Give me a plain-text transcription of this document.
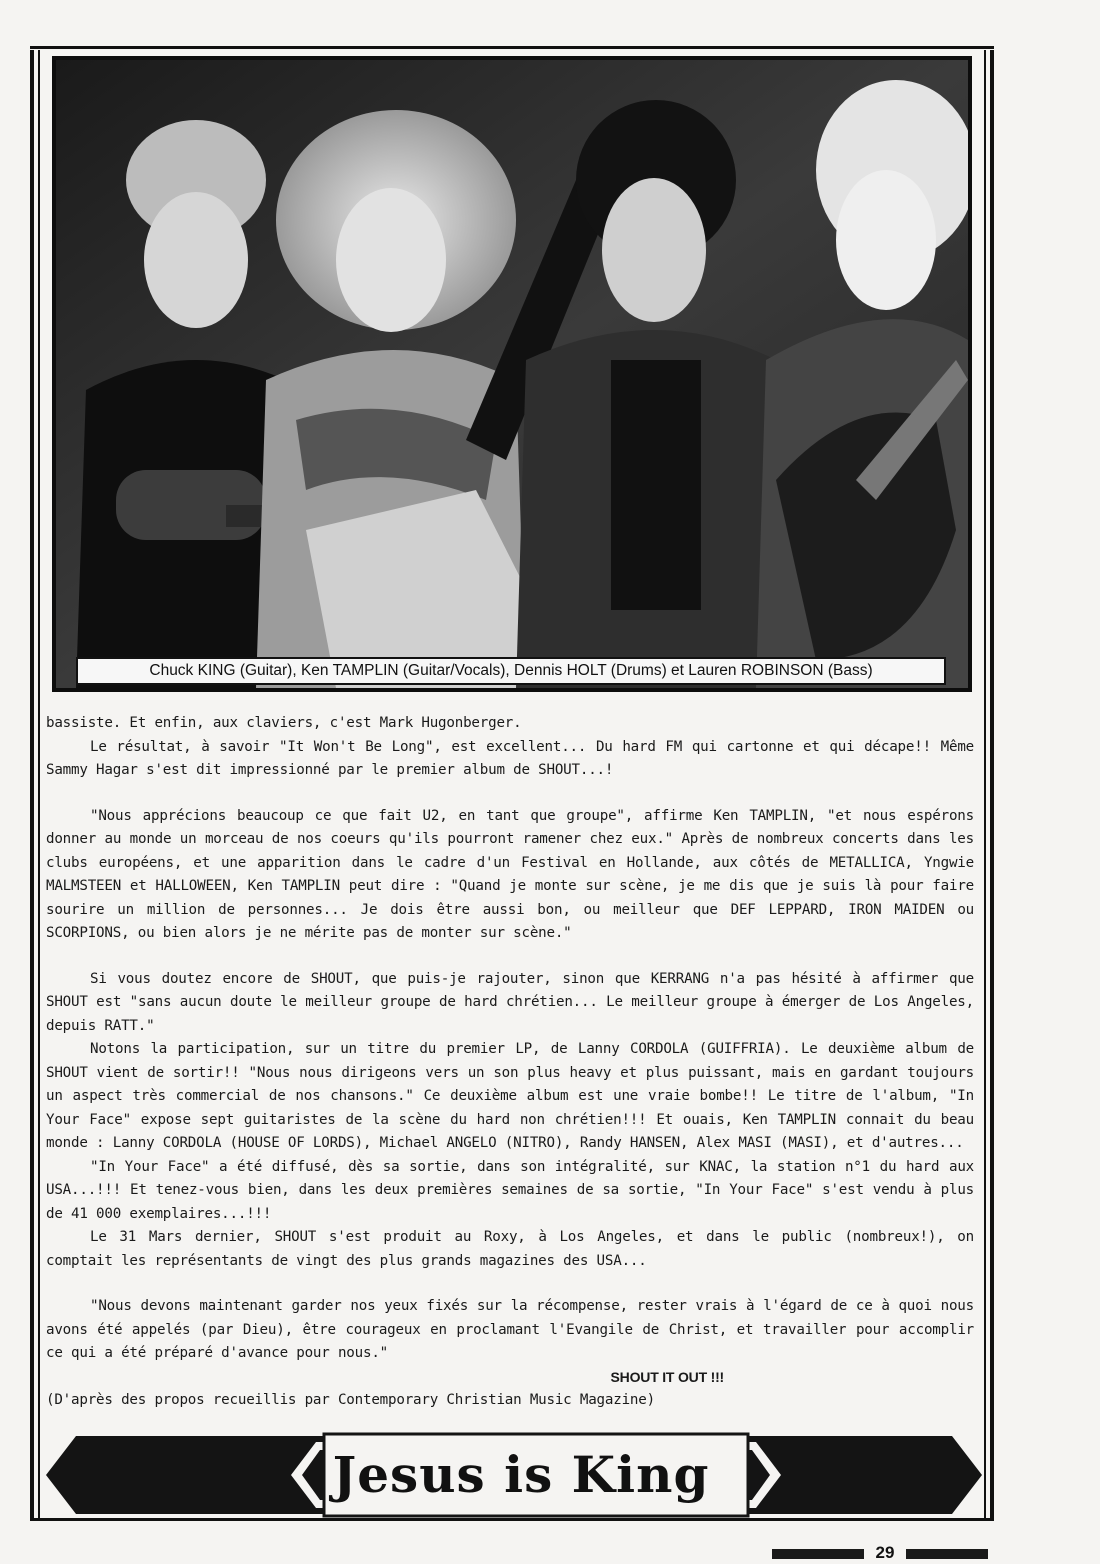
Chuck KING (Guitar), Ken TAMPLIN (Guitar/Vocals), Dennis HOLT (Drums) et Lauren ROBINSON (Bass)

bassiste. Et enfin, aux claviers, c'est Mark Hugonberger.

Le résultat, à savoir "It Won't Be Long", est excellent... Du hard FM qui cartonne et qui décape!! Même Sammy Hagar s'est dit impressionné par le premier album de SHOUT...!

"Nous apprécions beaucoup ce que fait U2, en tant que groupe", affirme Ken TAMPLIN, "et nous espérons donner au monde un morceau de nos coeurs qu'ils pourront ramener chez eux." Après de nombreux concerts dans les clubs européens, et une apparition dans le cadre d'un Festival en Hollande, aux côtés de METALLICA, Yngwie MALMSTEEN et HALLOWEEN, Ken TAMPLIN peut dire : "Quand je monte sur scène, je me dis que je suis là pour faire sourire un million de personnes... Je dois être aussi bon, ou meilleur que DEF LEPPARD, IRON MAIDEN ou SCORPIONS, ou bien alors je ne mérite pas de monter sur scène."

Si vous doutez encore de SHOUT, que puis-je rajouter, sinon que KERRANG n'a pas hésité à affirmer que SHOUT est "sans aucun doute le meilleur groupe de hard chrétien... Le meilleur groupe à émerger de Los Angeles, depuis RATT."

Notons la participation, sur un titre du premier LP, de Lanny CORDOLA (GUIFFRIA). Le deuxième album de SHOUT vient de sortir!! "Nous nous dirigeons vers un son plus heavy et plus puissant, mais en gardant toujours un aspect très commercial de nos chansons." Ce deuxième album est une vraie bombe!! Le titre de l'album, "In Your Face" expose sept guitaristes de la scène du hard non chrétien!!! Et ouais, Ken TAMPLIN connait du beau monde : Lanny CORDOLA (HOUSE OF LORDS), Michael ANGELO (NITRO), Randy HANSEN, Alex MASI (MASI), et d'autres...

"In Your Face" a été diffusé, dès sa sortie, dans son intégralité, sur KNAC, la station n°1 du hard aux USA...!!! Et tenez-vous bien, dans les deux premières semaines de sa sortie, "In Your Face" s'est vendu à plus de 41 000 exemplaires...!!!

Le 31 Mars dernier, SHOUT s'est produit au Roxy, à Los Angeles, et dans le public (nombreux!), on comptait les représentants de vingt des plus grands magazines des USA...

"Nous devons maintenant garder nos yeux fixés sur la récompense, rester vrais à l'égard de ce à quoi nous avons été appelés (par Dieu), être courageux en proclamant l'Evangile de Christ, et travailler pour accomplir ce qui a été préparé d'avance pour nous."

SHOUT IT OUT !!!

(D'après des propos recueillis par Contemporary Christian Music Magazine)

Jesus is King
29
